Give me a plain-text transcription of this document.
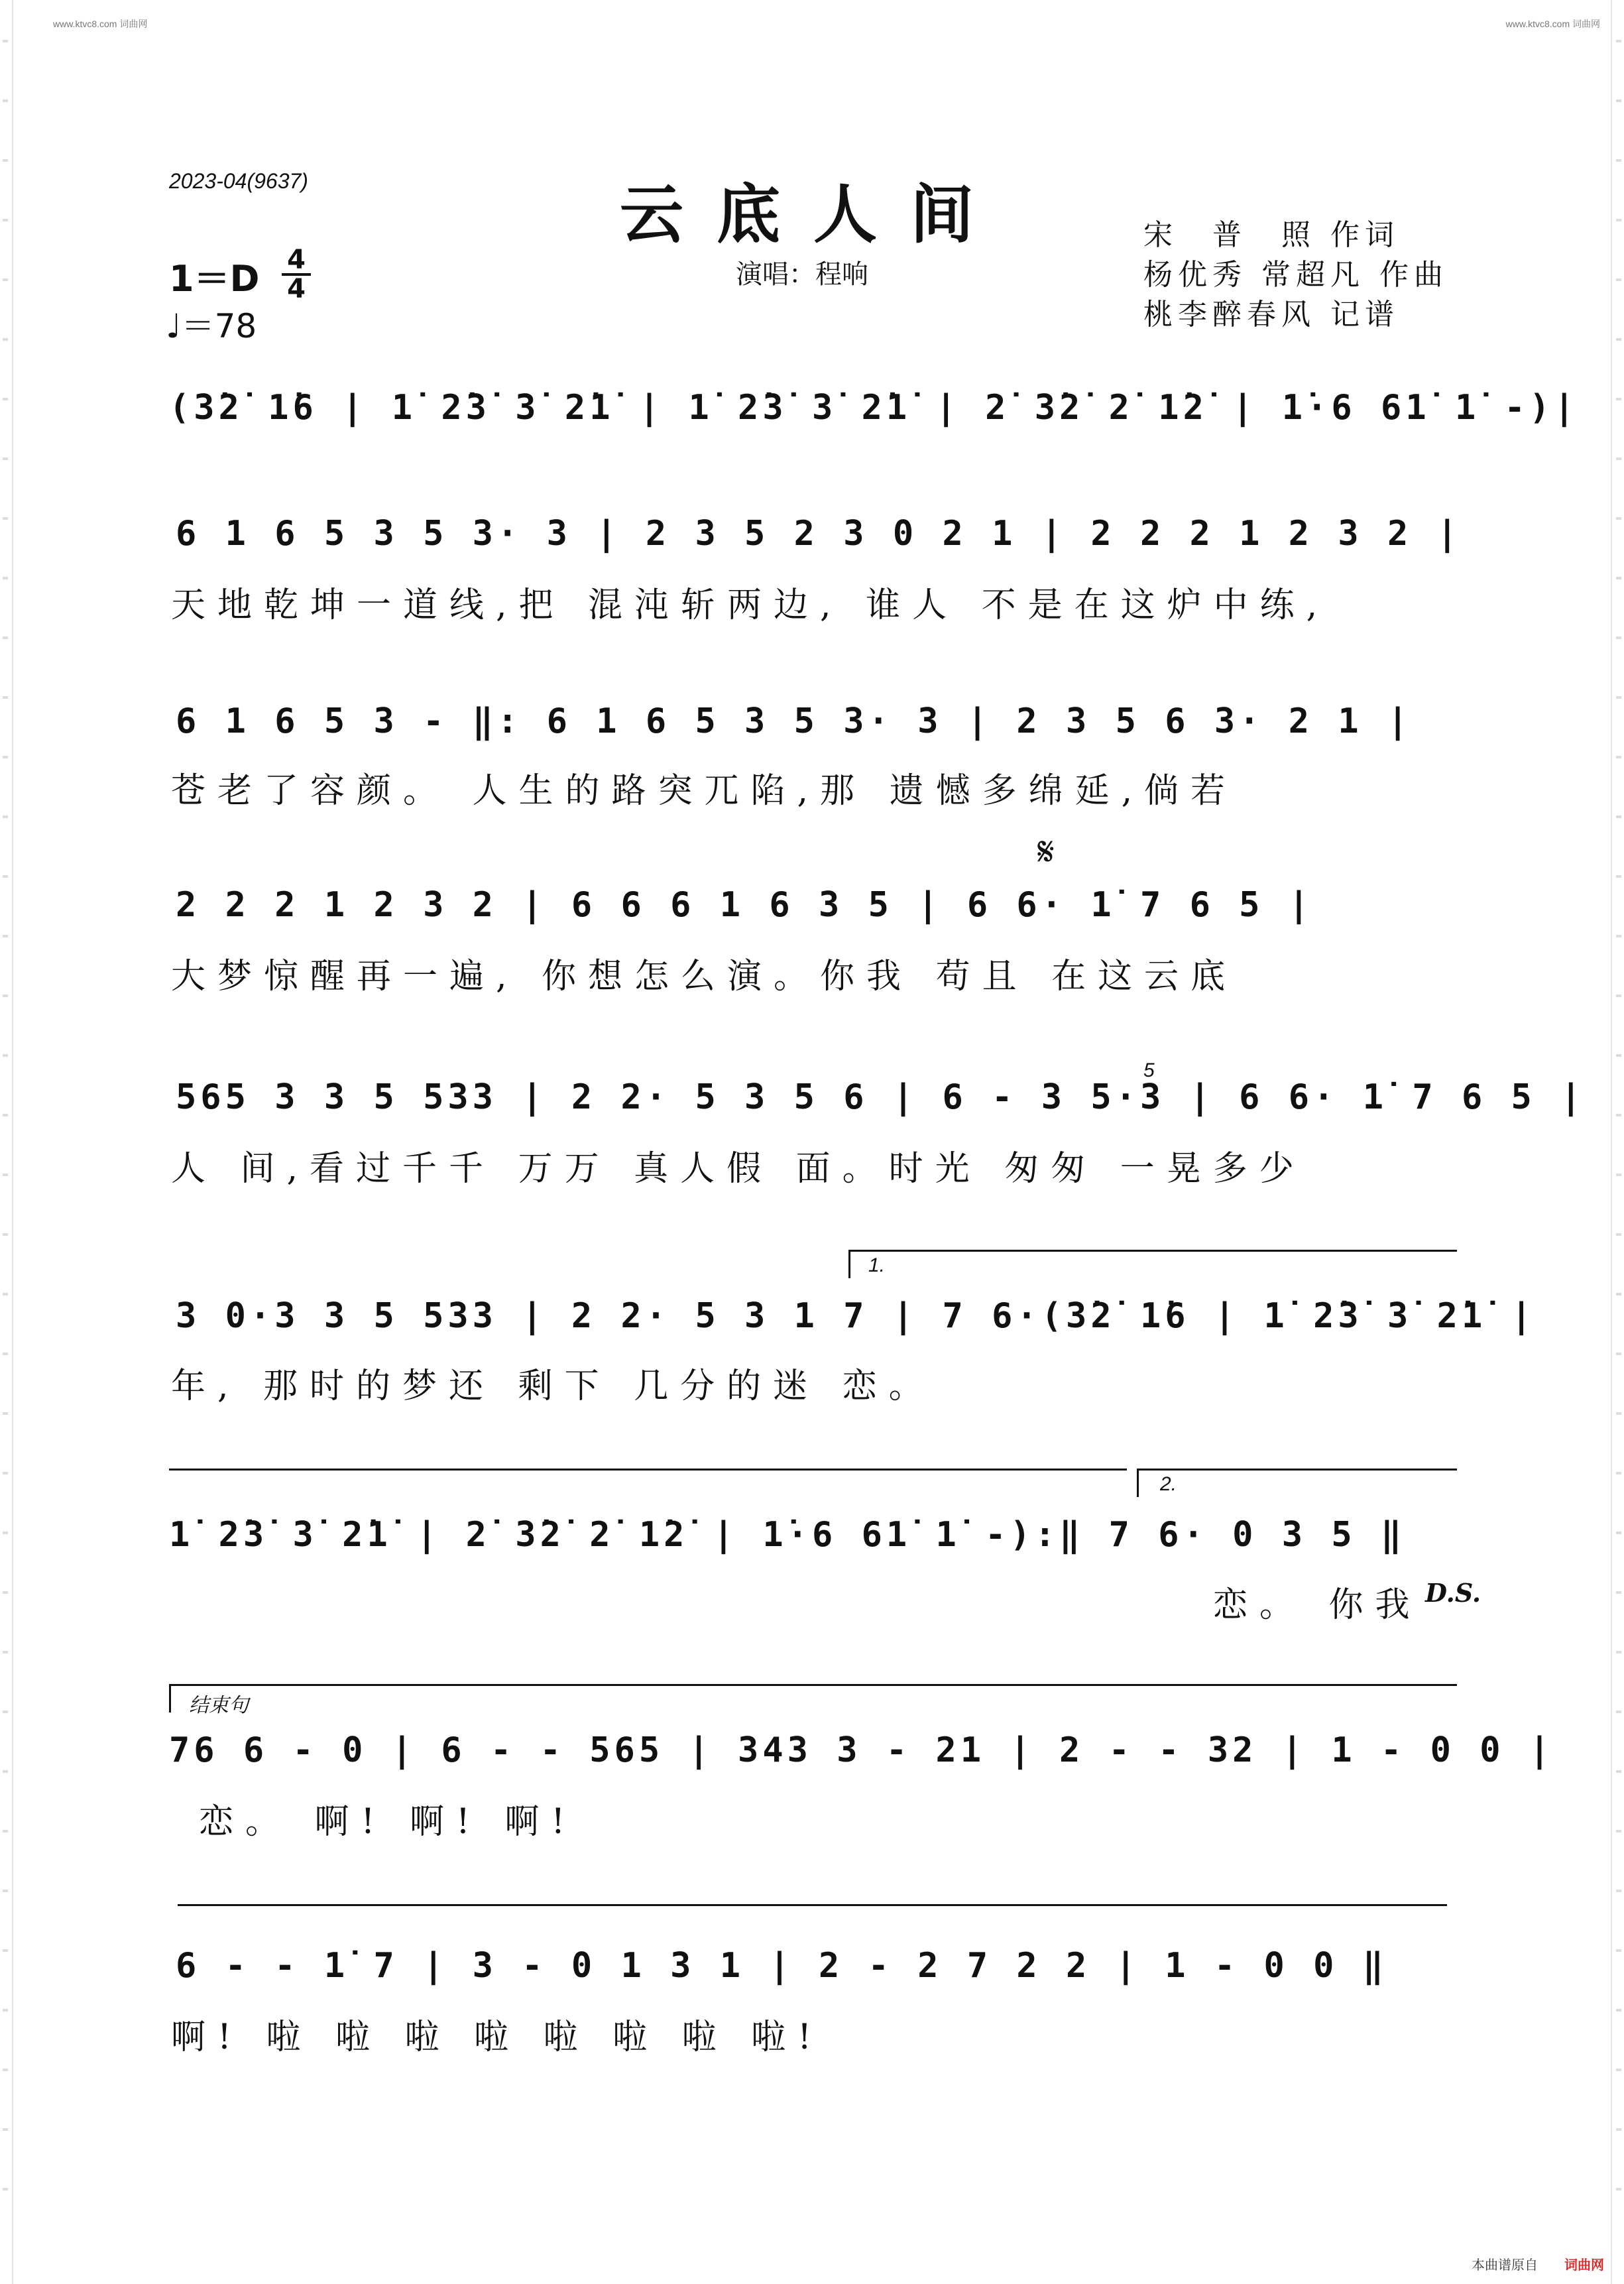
www.ktvc8.com 词曲网	www.ktvc8.com 词曲网
2023-04(9637)	云底人间
演唱：程响
宋　普　照 作词
杨优秀 常超凡 作曲
桃李醉春风 记谱
1＝D 4
4
♩＝78
(3̇2̇ 1̇6 | 1̇ 2̇3̇ 3̇ 2̇1̇ | 1̇ 2̇3̇ 3̇ 2̇1̇ | 2̇ 3̇2̇ 2̇ 1̇2̇ | 1̇·6 61̇ 1̇ -)|
6 1 6 5 3 5 3· 3 | 2 3 5 2 3 0 2 1 | 2 2 2 1 2 3 2 |
天地乾坤一道线,把 混沌斩两边, 谁人 不是在这炉中练,
6 1 6 5 3 - ‖: 6 1 6 5 3 5 3· 3 | 2 3 5 6 3· 2 1 |
苍老了容颜。 人生的路突兀陷,那 遗憾多绵延,倘若
𝄋
2 2 2 1 2 3 2 | 6 6 6 1 6 3 5 | 6 6· 1̇ 7 6 5 |
大梦惊醒再一遍, 你想怎么演。你我 苟且 在这云底
5
565 3 3 5 533 | 2 2· 5 3 5 6 | 6 - 3 5·3 | 6 6· 1̇ 7 6 5 |
人 间,看过千千 万万 真人假 面。时光 匆匆 一晃多少
1.
3 0·3 3 5 533 | 2 2· 5 3 1 7 | 7 6·(3̇2̇ 1̇6 | 1̇ 2̇3̇ 3̇ 2̇1̇ |
年, 那时的梦还 剩下 几分的迷 恋。
2.
1̇ 2̇3̇ 3̇ 2̇1̇ | 2̇ 3̇2̇ 2̇ 1̇2̇ | 1̇·6 61̇ 1̇ -):‖ 7 6· 0 3 5 ‖
恋。 你我 D.S.
结束句
76 6 - 0 | 6 - - 565 | 343 3 - 21 | 2 - - 32 | 1 - 0 0 |
恋。 啊! 啊! 啊!
6 - - 1̇ 7 | 3 - 0 1 3 1 | 2 - 2 7 2 2 | 1 - 0 0 ‖
啊! 啦 啦 啦 啦 啦 啦 啦 啦!
本曲谱原自 词曲网
